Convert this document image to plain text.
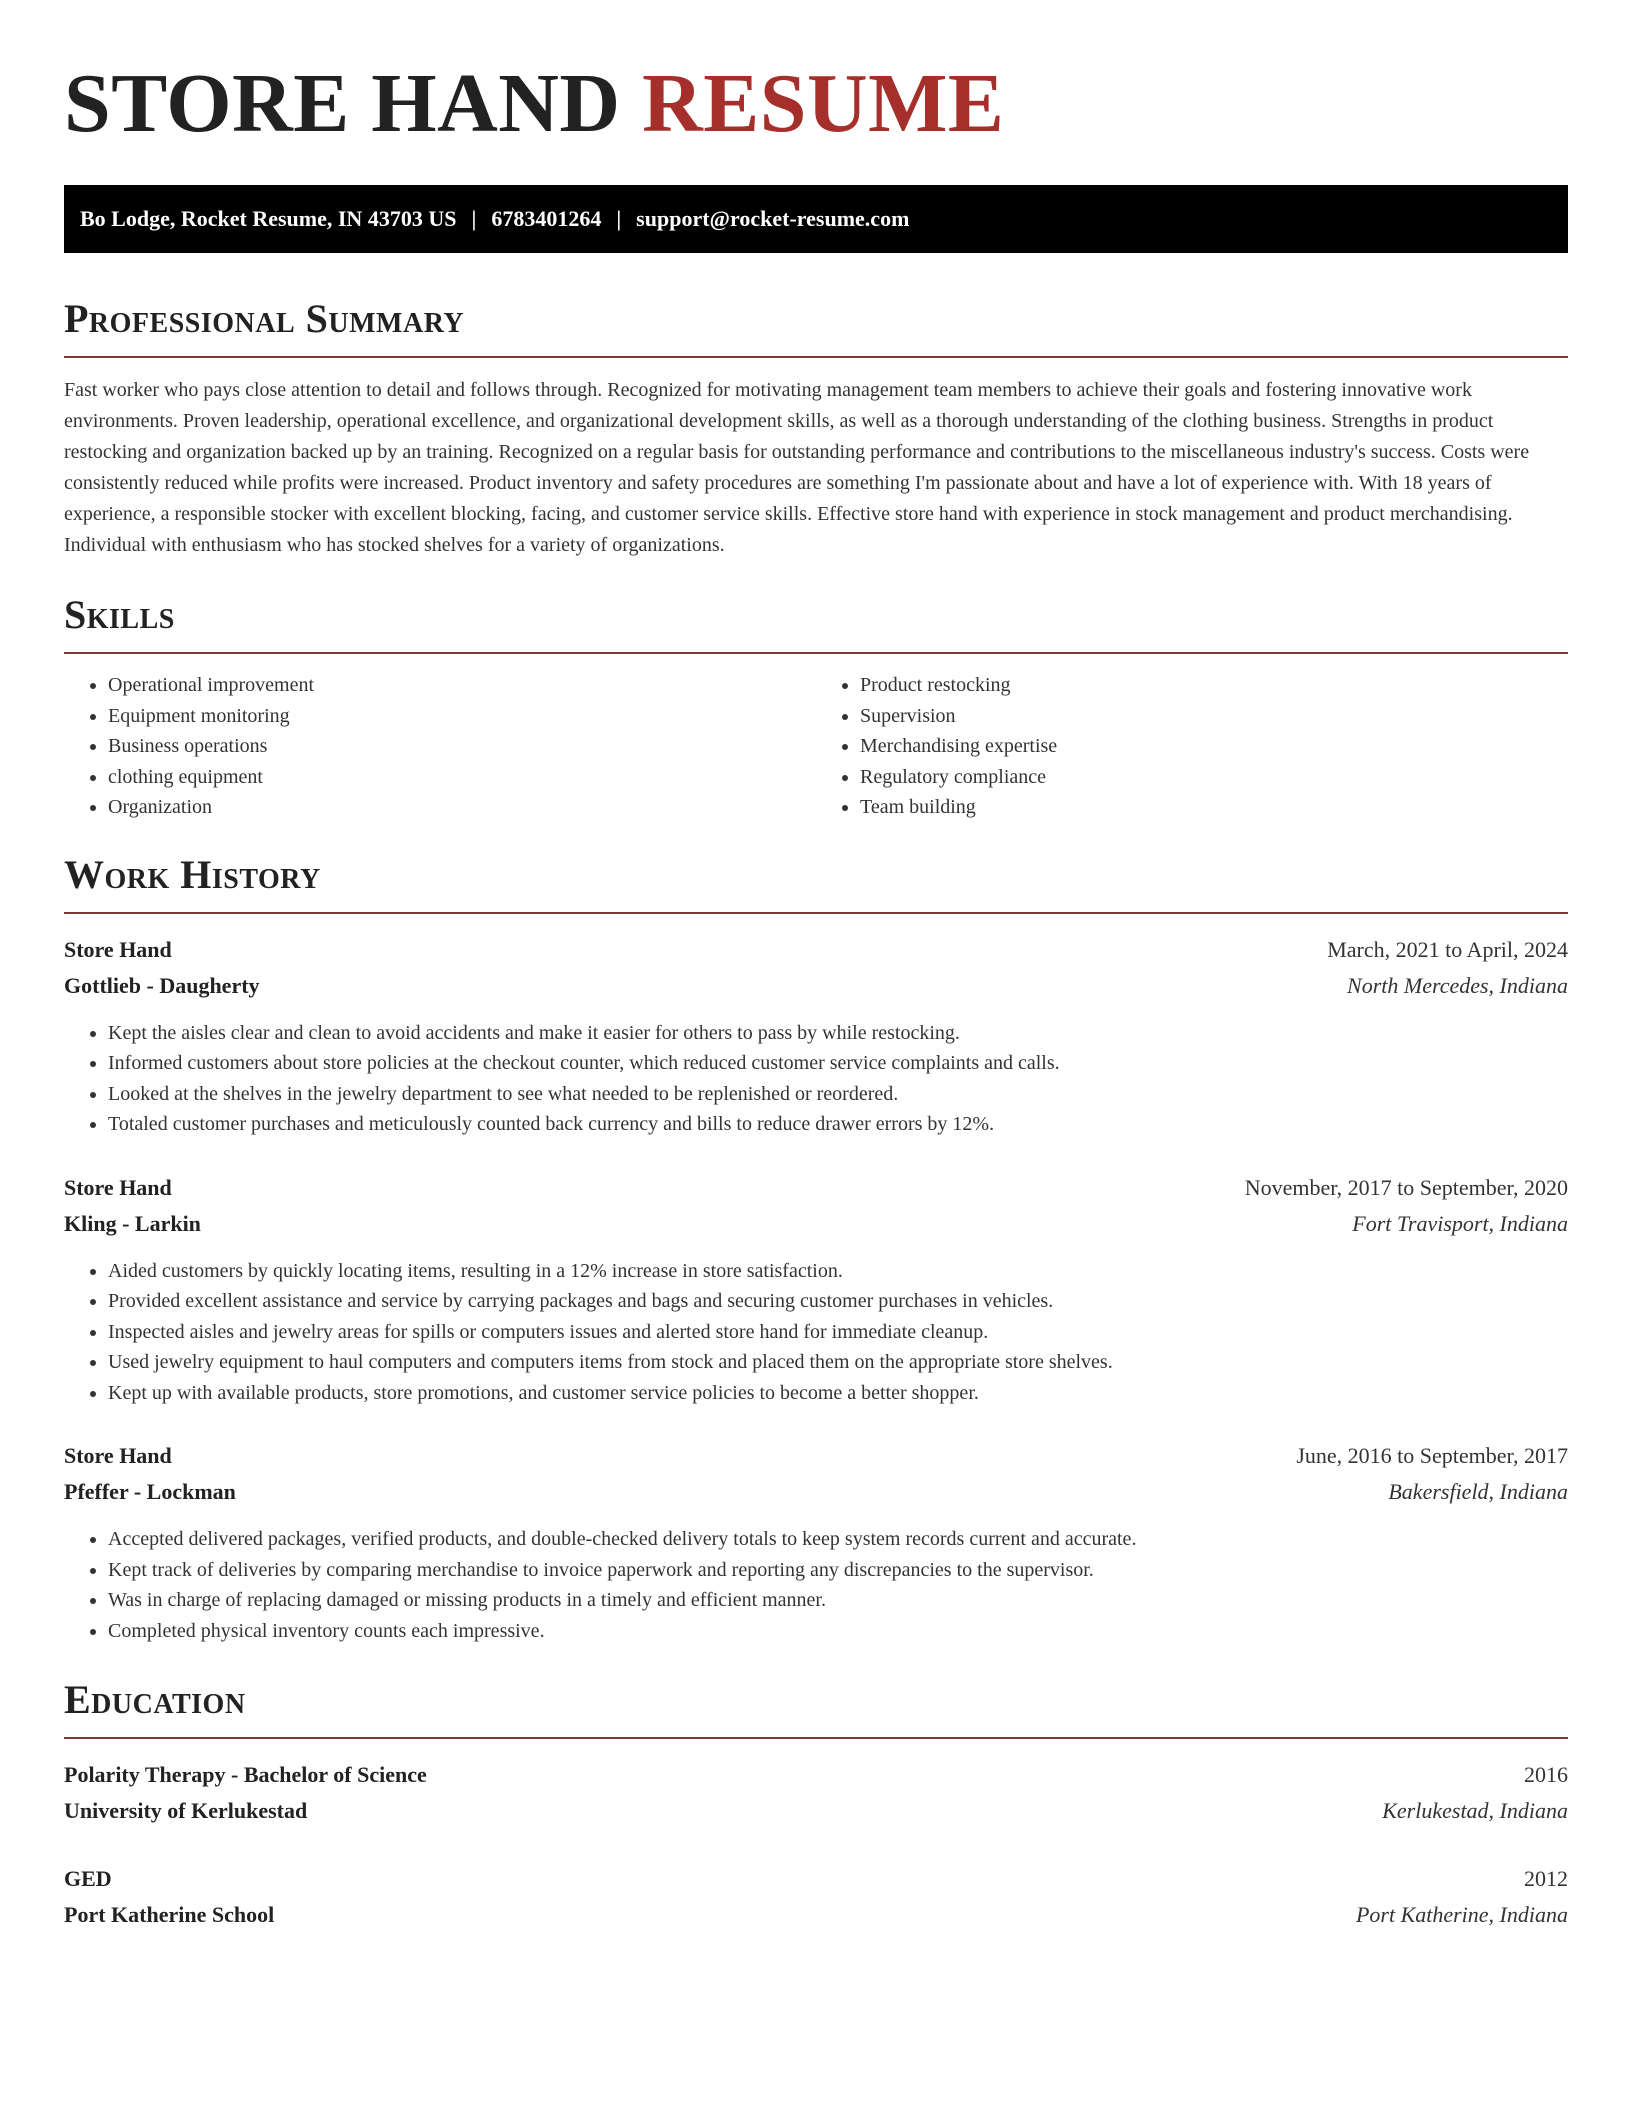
STORE HAND RESUME
Bo Lodge, Rocket Resume, IN 43703 US | 6783401264 | support@rocket-resume.com
Professional Summary

Fast worker who pays close attention to detail and follows through. Recognized for motivating management team members to achieve their goals and fostering innovative work environments. Proven leadership, operational excellence, and organizational development skills, as well as a thorough understanding of the clothing business. Strengths in product restocking and organization backed up by an training. Recognized on a regular basis for outstanding performance and contributions to the miscellaneous industry's success. Costs were consistently reduced while profits were increased. Product inventory and safety procedures are something I'm passionate about and have a lot of experience with. With 18 years of experience, a responsible stocker with excellent blocking, facing, and customer service skills. Effective store hand with experience in stock management and product merchandising. Individual with enthusiasm who has stocked shelves for a variety of organizations.

Skills
• Operational improvement
• Equipment monitoring
• Business operations
• clothing equipment
• Organization
• Product restocking
• Supervision
• Merchandising expertise
• Regulatory compliance
• Team building
Work History
Store Hand	March, 2021 to April, 2024
Gottlieb - Daugherty	North Mercedes, Indiana
• Kept the aisles clear and clean to avoid accidents and make it easier for others to pass by while restocking.
• Informed customers about store policies at the checkout counter, which reduced customer service complaints and calls.
• Looked at the shelves in the jewelry department to see what needed to be replenished or reordered.
• Totaled customer purchases and meticulously counted back currency and bills to reduce drawer errors by 12%.
Store Hand	November, 2017 to September, 2020
Kling - Larkin	Fort Travisport, Indiana
• Aided customers by quickly locating items, resulting in a 12% increase in store satisfaction.
• Provided excellent assistance and service by carrying packages and bags and securing customer purchases in vehicles.
• Inspected aisles and jewelry areas for spills or computers issues and alerted store hand for immediate cleanup.
• Used jewelry equipment to haul computers and computers items from stock and placed them on the appropriate store shelves.
• Kept up with available products, store promotions, and customer service policies to become a better shopper.
Store Hand	June, 2016 to September, 2017
Pfeffer - Lockman	Bakersfield, Indiana
• Accepted delivered packages, verified products, and double-checked delivery totals to keep system records current and accurate.
• Kept track of deliveries by comparing merchandise to invoice paperwork and reporting any discrepancies to the supervisor.
• Was in charge of replacing damaged or missing products in a timely and efficient manner.
• Completed physical inventory counts each impressive.
Education
Polarity Therapy - Bachelor of Science	2016
University of Kerlukestad	Kerlukestad, Indiana
GED	2012
Port Katherine School	Port Katherine, Indiana
